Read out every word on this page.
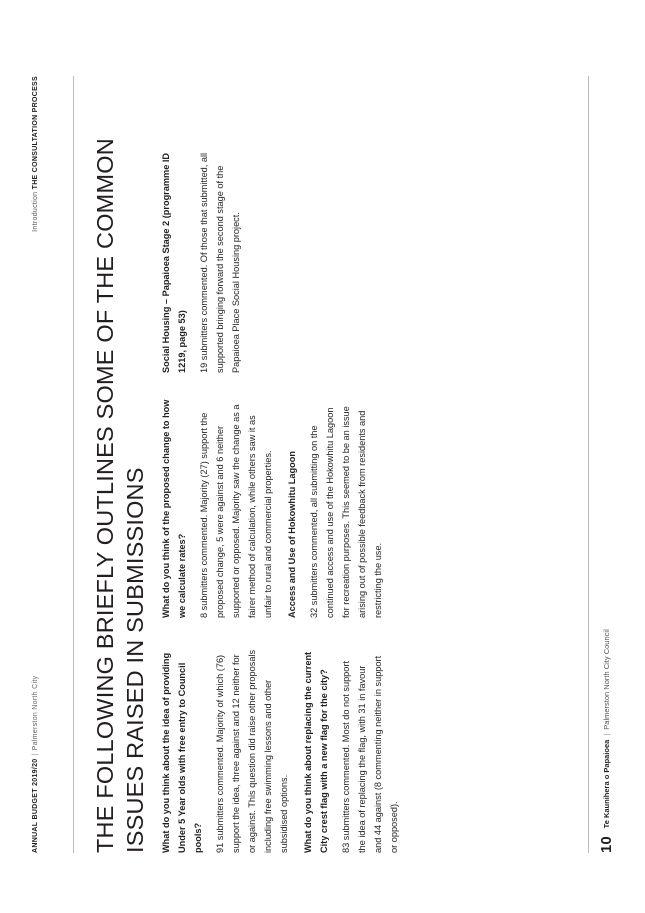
ANNUAL BUDGET 2019/20|Palmerston North City
Introduction THE CONSULTATION PROCESS
THE FOLLOWING BRIEFLY OUTLINES SOME OF THE COMMON ISSUES RAISED IN SUBMISSIONS	What do you think about the idea of providing Under 5 Year olds with free entry to Council pools?	91 submitters commented. Majority of which (76) support the idea, three against and 12 neither for or against. This question did raise other proposals including free swimming lessons and other subsidised options.	What do you think about replacing the current City crest flag with a new flag for the city?	83 submitters commented. Most do not support the idea of replacing the flag, with 31 in favour and 44 against (8 commenting neither in support or opposed).

What do you think of the proposed change to how we calculate rates?	8 submitters commented. Majority (27) support the proposed change, 5 were against and 6 neither supported or opposed. Majority saw the change as a fairer method of calculation, while others saw it as unfair to rural and commercial properties.	Access and Use of Hokowhitu Lagoon	32 submitters commented, all submitting on the continued access and use of the Hokowhitu Lagoon for recreation purposes. This seemed to be an issue arising out of possible feedback from residents and restricting the use.

Social Housing – Papaioea Stage 2 (programme ID 1219, page 53)	19 submitters commented. Of those that submitted, all supported bringing forward the second stage of the Papaioea Place Social Housing project.

10Te Kaunihera o Papaioea|Palmerston North City Council
